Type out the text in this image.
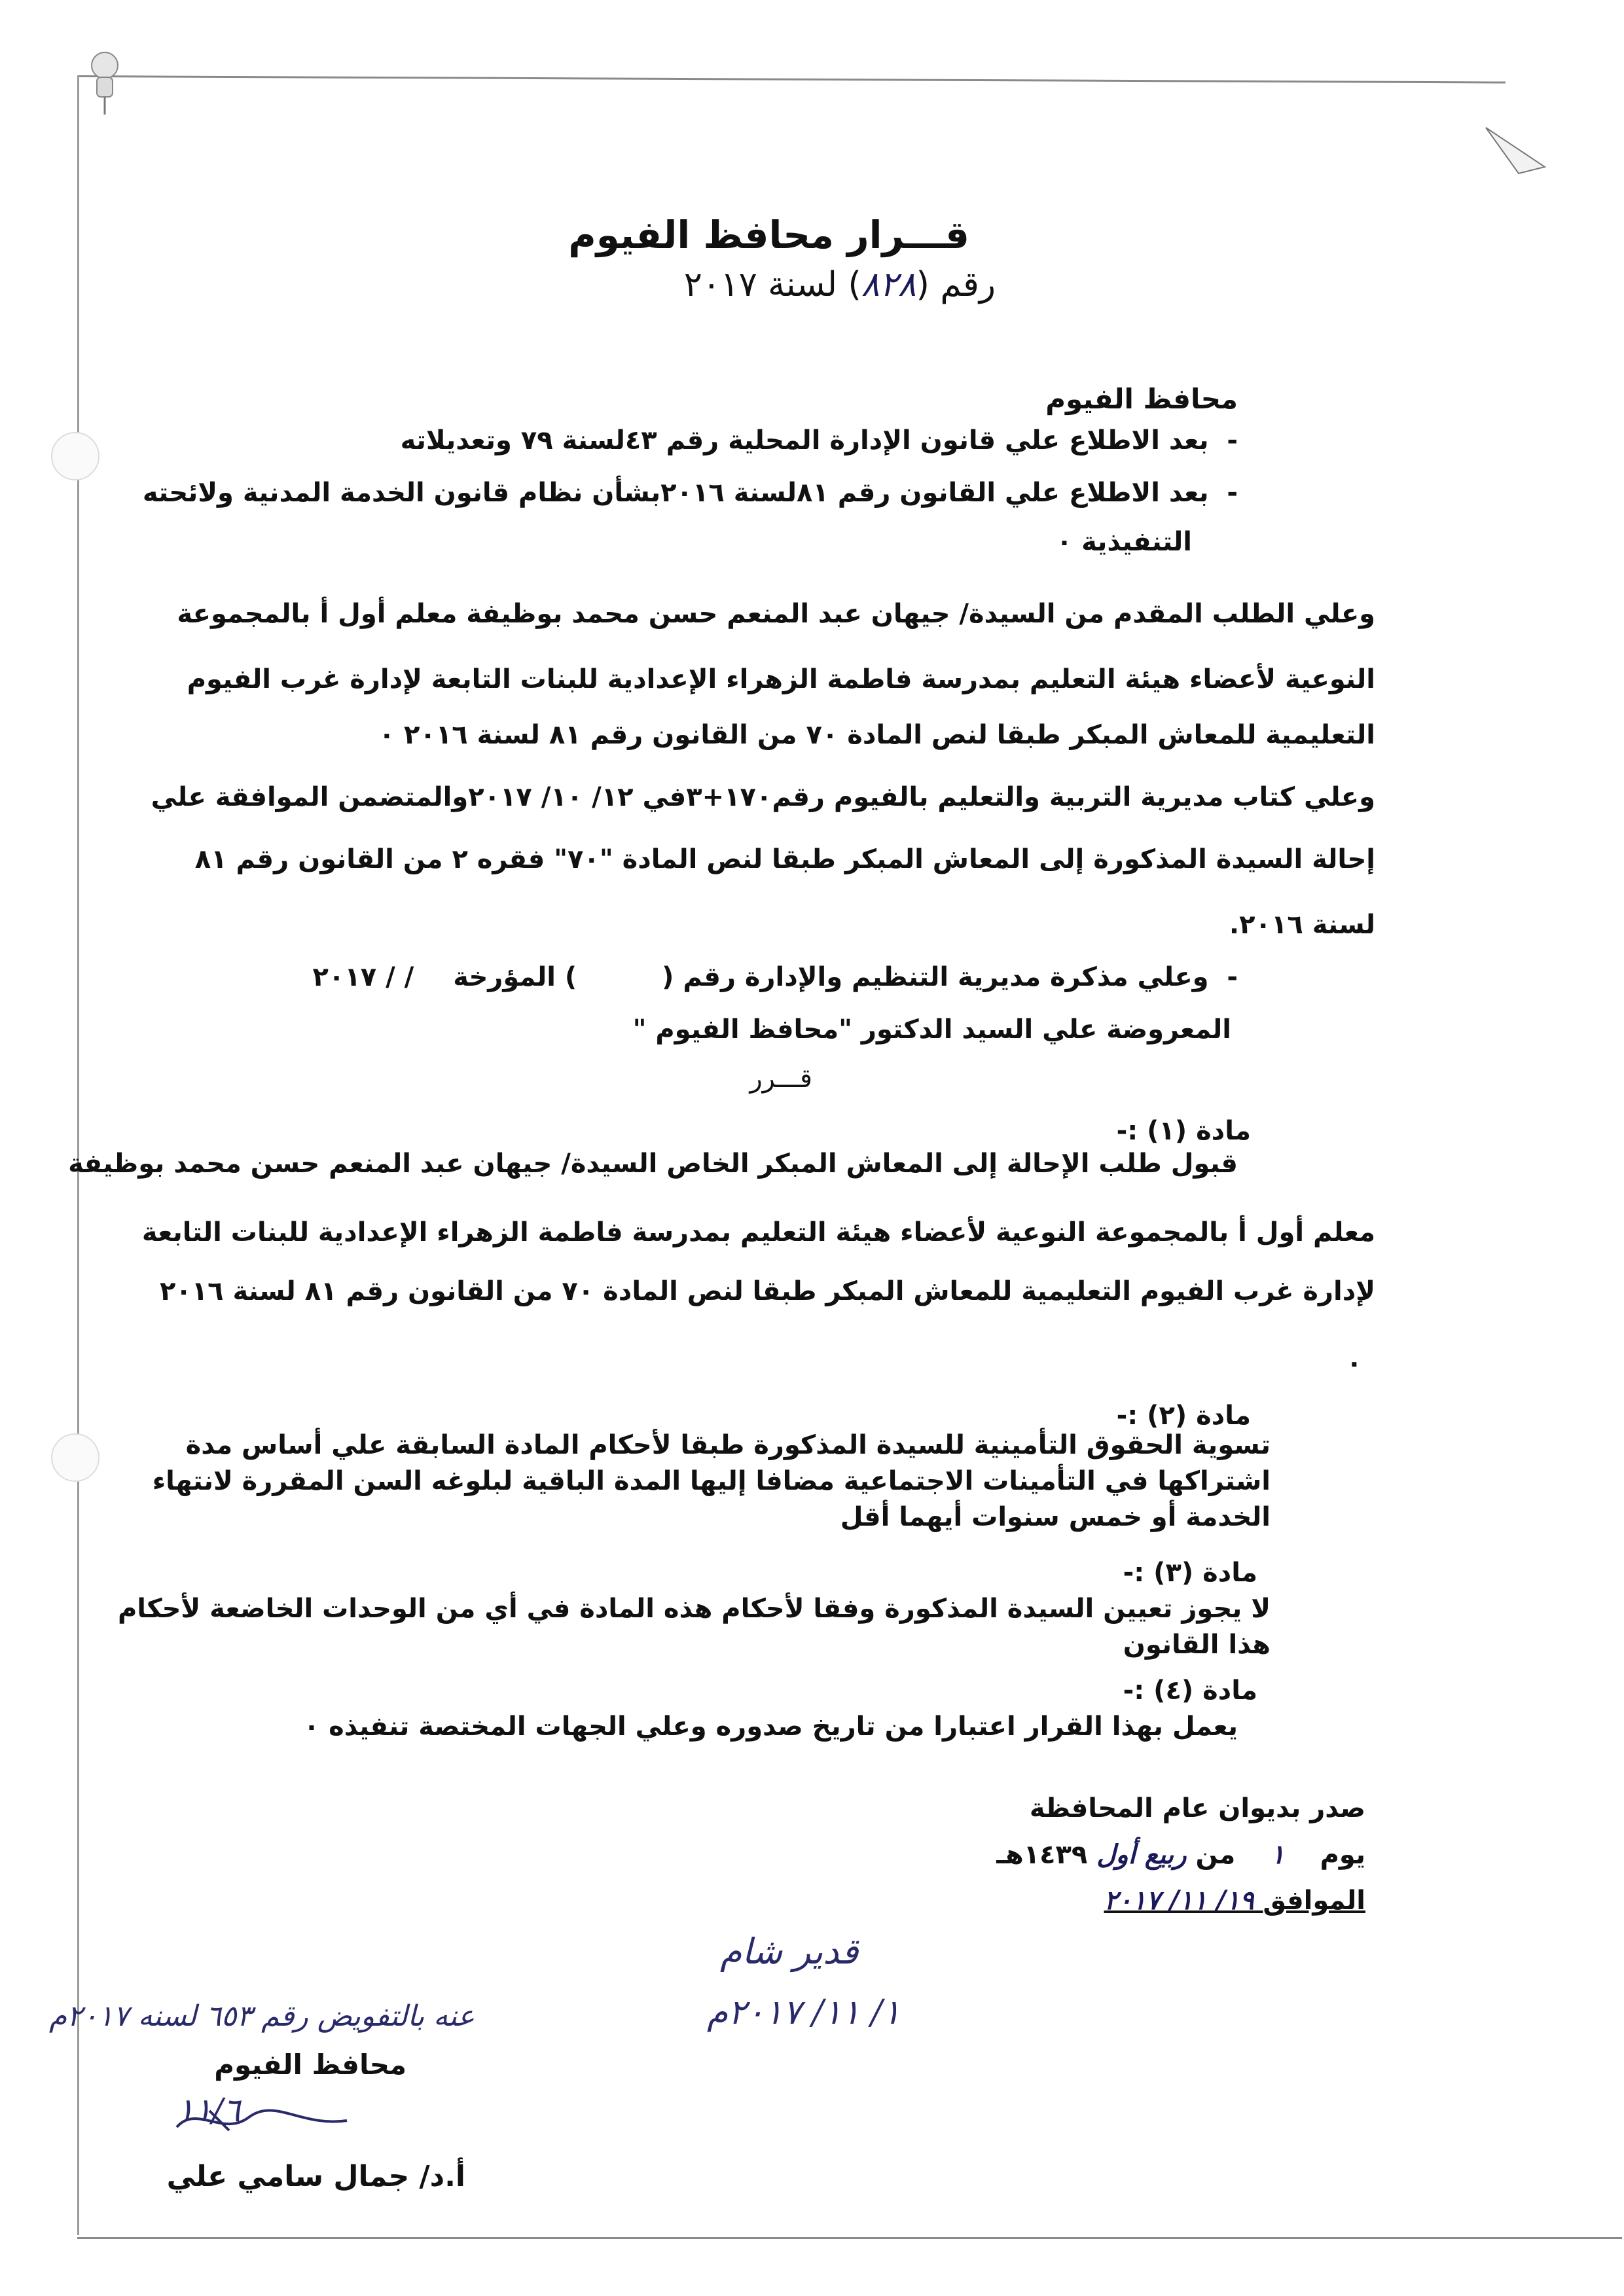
قـــرار محافظ الفيوم
رقم (٨٢٨) لسنة ٢٠١٧
محافظ الفيوم
-  بعد الاطلاع علي قانون الإدارة المحلية رقم ٤٣لسنة ٧٩ وتعديلاته
-  بعد الاطلاع علي القانون رقم ٨١لسنة ٢٠١٦بشأن نظام قانون الخدمة المدنية ولائحته
التنفيذية ٠
وعلي الطلب المقدم من السيدة/ جيهان عبد المنعم حسن محمد بوظيفة معلم أول أ بالمجموعة
النوعية لأعضاء هيئة التعليم بمدرسة فاطمة الزهراء الإعدادية للبنات التابعة لإدارة غرب الفيوم
التعليمية للمعاش المبكر طبقا لنص المادة ٧٠ من القانون رقم ٨١ لسنة ٢٠١٦ ٠
وعلي كتاب مديرية التربية والتعليم بالفيوم رقم١٧٠+٣في ١٢/ ١٠/ ٢٠١٧والمتضمن الموافقة علي
إحالة السيدة المذكورة إلى المعاش المبكر طبقا لنص المادة "٧٠" فقره ٢ من القانون رقم ٨١
لسنة ٢٠١٦.
-  وعلي مذكرة مديرية التنظيم والإدارة رقم () المؤرخة/ / ٢٠١٧
المعروضة علي السيد الدكتور "محافظ الفيوم "
قـــرر
مادة (١) :-
قبول طلب الإحالة إلى المعاش المبكر الخاص السيدة/ جيهان عبد المنعم حسن محمد بوظيفة
معلم أول أ بالمجموعة النوعية لأعضاء هيئة التعليم بمدرسة فاطمة الزهراء الإعدادية للبنات التابعة
لإدارة غرب الفيوم التعليمية للمعاش المبكر طبقا لنص المادة ٧٠ من القانون رقم ٨١ لسنة ٢٠١٦
٠
مادة (٢) :-
تسوية الحقوق التأمينية للسيدة المذكورة طبقا لأحكام المادة السابقة علي أساس مدة
اشتراكها في التأمينات الاجتماعية مضافا إليها المدة الباقية لبلوغه السن المقررة لانتهاء
الخدمة أو خمس سنوات أيهما أقل
مادة (٣) :-
لا يجوز تعيين السيدة المذكورة وفقا لأحكام هذه المادة في أي من الوحدات الخاضعة لأحكام
هذا القانون
مادة (٤) :-
يعمل بهذا القرار اعتبارا من تاريخ صدوره وعلي الجهات المختصة تنفيذه ٠
صدر بديوان عام المحافظة
يوم ١ من ربيع أول ١٤٣٩هـ
الموافق ١٩/ ١١/ ٢٠١٧
قدير شام
١/ ١١/ ٢٠١٧م
عنه بالتفويض رقم ٦٥٣ لسنه ٢٠١٧م
محافظ الفيوم
١١/٦
أ.د/ جمال سامي علي
